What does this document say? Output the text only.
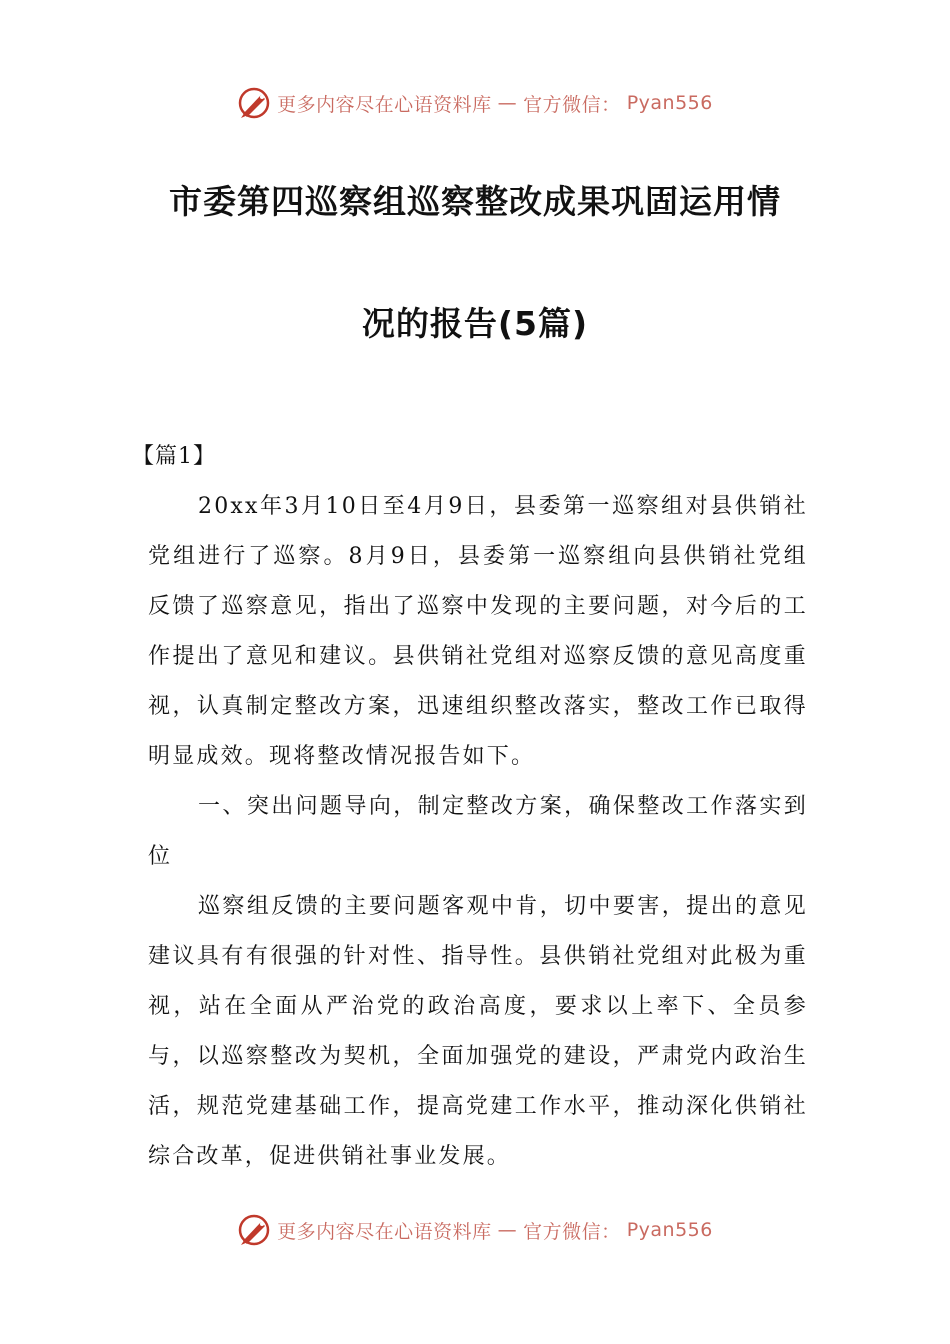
更多内容尽在心语资料库 — 官方微信： Pyan556
市委第四巡察组巡察整改成果巩固运用情
况的报告(5篇)

【篇1】

20xx年3月10日至4月9日，县委第一巡察组对县供销社党组进行了巡察。8月9日，县委第一巡察组向县供销社党组反馈了巡察意见，指出了巡察中发现的主要问题，对今后的工作提出了意见和建议。县供销社党组对巡察反馈的意见高度重视，认真制定整改方案，迅速组织整改落实，整改工作已取得明显成效。现将整改情况报告如下。

一、突出问题导向，制定整改方案，确保整改工作落实到位

巡察组反馈的主要问题客观中肯，切中要害，提出的意见建议具有有很强的针对性、指导性。县供销社党组对此极为重视，站在全面从严治党的政治高度，要求以上率下、全员参与，以巡察整改为契机，全面加强党的建设，严肃党内政治生活，规范党建基础工作，提高党建工作水平，推动深化供销社综合改革，促进供销社事业发展。

更多内容尽在心语资料库 — 官方微信： Pyan556
